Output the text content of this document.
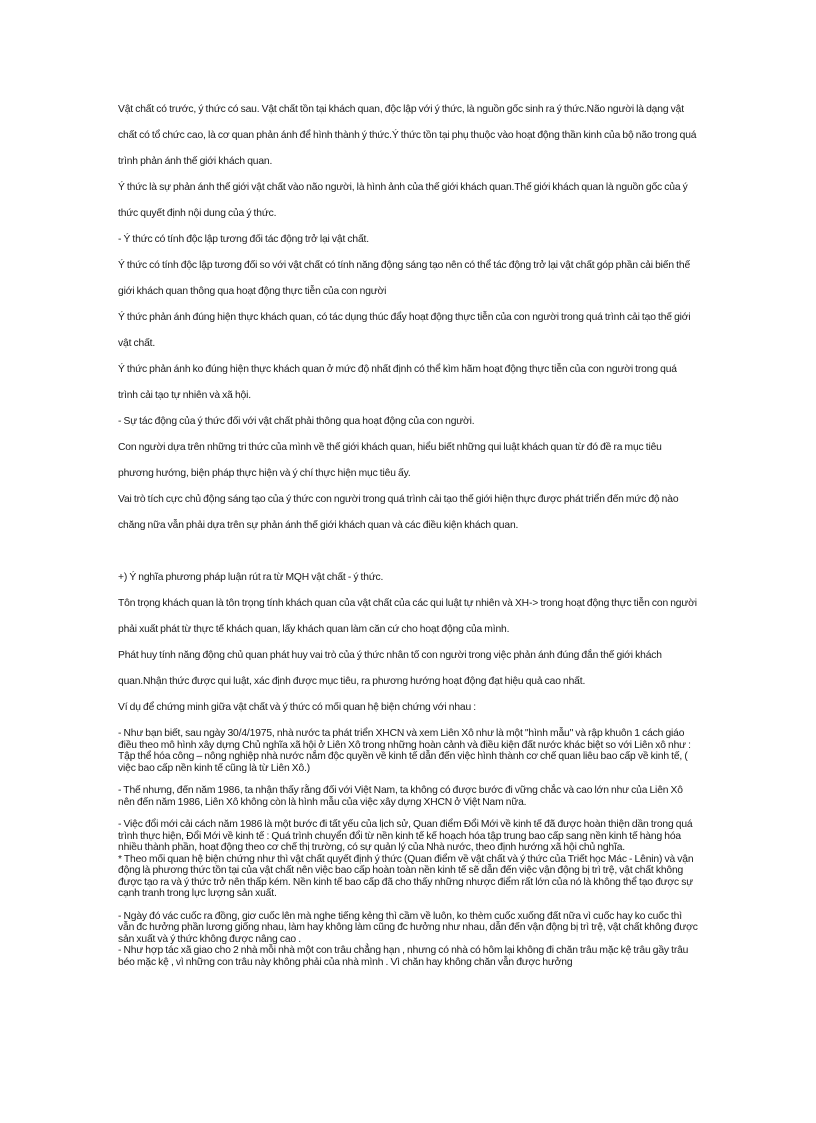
Vật chất có trước, ý thức có sau. Vật chất tồn tại khách quan, độc lập với ý thức, là nguồn gốc sinh ra ý thức.Não người là dạng vật chất có tổ chức cao, là cơ quan phản ánh để hình thành ý thức.Ý thức tồn tại phụ thuộc vào hoạt động thần kinh của bộ não trong quá trình phản ánh thế giới khách quan.

Ý thức là sự phản ánh thế giới vật chất vào não người, là hình ảnh của thế giới khách quan.Thế giới khách quan là nguồn gốc của ý thức quyết định nội dung của ý thức.

- Ý thức có tính độc lập tương đối tác động trở lại vật chất.

Ý thức có tính độc lập tương đối so với vật chất có tính năng động sáng tạo nên có thể tác động trở lại vật chất góp phần cải biến thế giới khách quan thông qua hoạt động thực tiễn của con người

Ý thức phản ánh đúng hiện thực khách quan, có tác dụng thúc đẩy hoạt động thực tiễn của con người trong quá trình cải tạo thế giới vật chất.

Ý thức phản ánh ko đúng hiện thực khách quan ở mức độ nhất định có thể kìm hãm hoạt động thực tiễn của con người trong quá trình cải tạo tự nhiên và xã hội.

- Sự tác động của ý thức đối với vật chất phải thông qua hoạt động của con người.

Con người dựa trên những tri thức của mình về thế giới khách quan, hiểu biết những qui luật khách quan từ đó đề ra mục tiêu phương hướng, biện pháp thực hiện và ý chí thực hiện mục tiêu ấy.

Vai trò tích cực chủ động sáng tạo của ý thức con người trong quá trình cải tạo thế giới hiện thực được phát triển đến mức độ nào chăng nữa vẫn phải dựa trên sự phản ánh thế giới khách quan và các điều kiện khách quan.

+) Ý nghĩa phương pháp luận rút ra từ MQH vật chất - ý thức.

Tôn trọng khách quan là tôn trọng tính khách quan của vật chất của các qui luật tự nhiên và XH-> trong hoạt động thực tiễn con người phải xuất phát từ thực tế khách quan, lấy khách quan làm căn cứ cho hoạt động của mình.

Phát huy tính năng động chủ quan phát huy vai trò của ý thức nhân tố con người trong việc phản ánh đúng đắn thế giới khách quan.Nhận thức được qui luật, xác định được mục tiêu, ra phương hướng hoạt động đạt hiệu quả cao nhất.

Ví dụ để chứng minh giữa vật chất và ý thức có mối quan hệ biện chứng với nhau :

- Như bạn biết, sau ngày 30/4/1975, nhà nước ta phát triển XHCN và xem Liên Xô như là một "hình mẫu" và rập khuôn 1 cách giáo điều theo mô hình xây dựng Chủ nghĩa xã hội ở Liên Xô trong những hoàn cảnh và điều kiện đất nước khác biệt so với Liên xô như : Tập thể hóa công – nông nghiệp nhà nước nắm độc quyền về kinh tế dẫn đến việc hình thành cơ chế quan liêu bao cấp về kinh tế, ( việc bao cấp nền kinh tế cũng là từ Liên Xô.)

- Thế nhưng, đến năm 1986, ta nhận thấy rằng đối với Việt Nam, ta không có được bước đi vững chắc và cao lớn như của Liên Xô nên đến năm 1986, Liên Xô không còn là hình mẫu của việc xây dựng XHCN ở Việt Nam nữa.

- Việc đổi mới cải cách năm 1986 là một bước đi tất yếu của lịch sử, Quan điểm Đổi Mới về kinh tế đã được hoàn thiện dần trong quá trình thực hiện, Đổi Mới về kinh tế : Quá trình chuyển đổi từ nền kinh tế kế hoạch hóa tập trung bao cấp sang nền kinh tế hàng hóa nhiều thành phần, hoạt động theo cơ chế thị trường, có sự quản lý của Nhà nước, theo định hướng xã hội chủ nghĩa.

* Theo mối quan hệ biện chứng như thì vật chất quyết định ý thức (Quan điểm về vật chất và ý thức của Triết học Mác - Lênin) và vận động là phương thức tồn tại của vật chất nên việc bao cấp hoàn toàn nền kinh tế sẽ dẫn đến việc vận động bị trì trệ, vật chất không được tạo ra và ý thức trở nên thấp kém. Nền kinh tế bao cấp đã cho thấy những nhược điểm rất lớn của nó là không thể tạo được sự cạnh tranh trong lực lượng sản xuất.

- Ngày đó vác cuốc ra đồng, giơ cuốc lên mà nghe tiếng kẻng thì cầm về luôn, ko thèm cuốc xuống đất nữa vì cuốc hay ko cuốc thì vẫn đc hưởng phần lương giống nhau, làm hay không làm cũng đc hưởng như nhau, dẫn đến vận động bị trì trệ, vật chất không được sản xuất và ý thức không được nâng cao .

- Như hợp tác xã giao cho 2 nhà mỗi nhà một con trâu chẳng hạn , nhưng có nhà có hôm lại không đi chăn trâu mặc kệ trâu gầy trâu béo mặc kệ , vì những con trâu này không phải của nhà mình . Vì chăn hay không chăn vẫn được hưởng
